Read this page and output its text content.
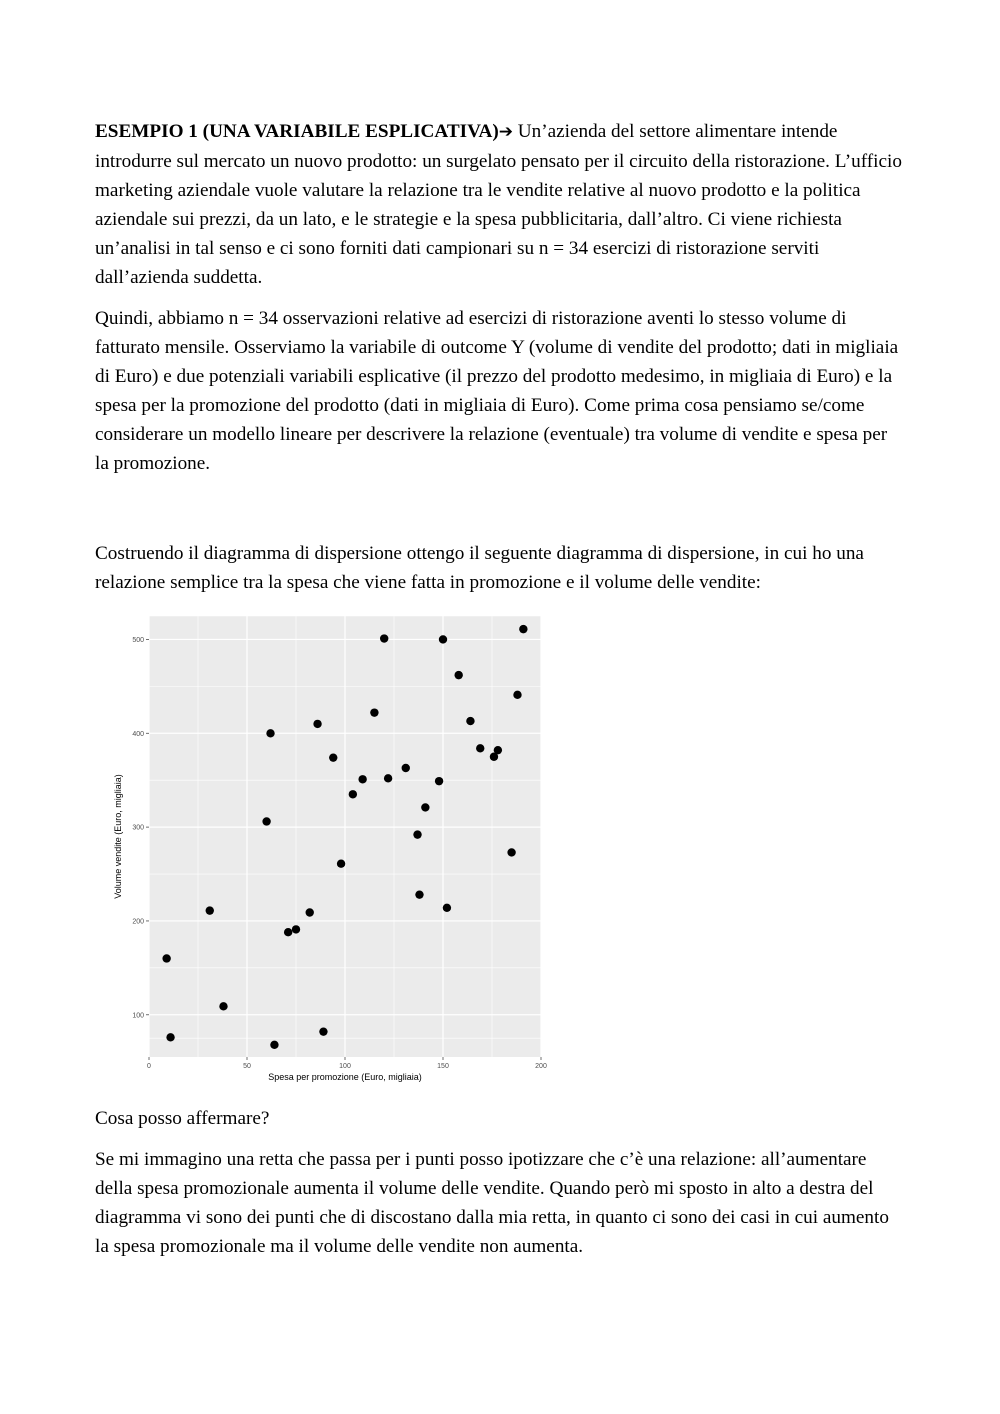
ESEMPIO 1 (UNA VARIABILE ESPLICATIVA)➔ Un’azienda del settore alimentare intende introdurre sul mercato un nuovo prodotto: un surgelato pensato per il circuito della ristorazione. L’ufficio marketing aziendale vuole valutare la relazione tra le vendite relative al nuovo prodotto e la politica aziendale sui prezzi, da un lato, e le strategie e la spesa pubblicitaria, dall’altro. Ci viene richiesta un’analisi in tal senso e ci sono forniti dati campionari su n = 34 esercizi di ristorazione serviti dall’azienda suddetta.

Quindi, abbiamo n = 34 osservazioni relative ad esercizi di ristorazione aventi lo stesso volume di fatturato mensile. Osserviamo la variabile di outcome Y (volume di vendite del prodotto; dati in migliaia di Euro) e due potenziali variabili esplicative (il prezzo del prodotto medesimo, in migliaia di Euro) e la spesa per la promozione del prodotto (dati in migliaia di Euro). Come prima cosa pensiamo se/come considerare un modello lineare per descrivere la relazione (eventuale) tra volume di vendite e spesa per la promozione.

Costruendo il diagramma di dispersione ottengo il seguente diagramma di dispersione, in cui ho una relazione semplice tra la spesa che viene fatta in promozione e il volume delle vendite:

0	50	100	150	200
100
200
300
400
500
Spesa per promozione (Euro, migliaia)
Volume vendite (Euro, migliaia)

Cosa posso affermare?

Se mi immagino una retta che passa per i punti posso ipotizzare che c’è una relazione: all’aumentare della spesa promozionale aumenta il volume delle vendite. Quando però mi sposto in alto a destra del diagramma vi sono dei punti che di discostano dalla mia retta, in quanto ci sono dei casi in cui aumento la spesa promozionale ma il volume delle vendite non aumenta.
